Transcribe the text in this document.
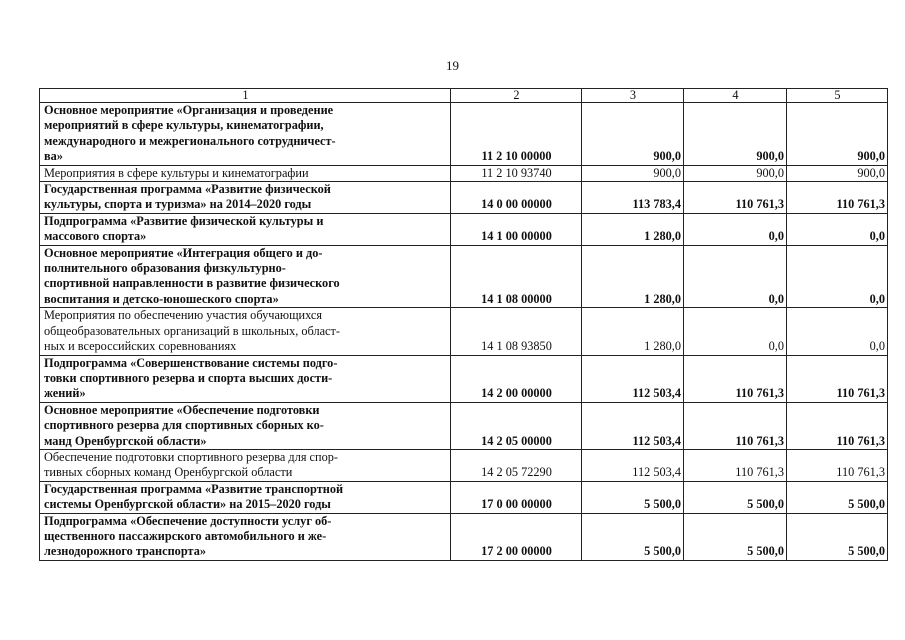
19
1	2	3	4	5
Основное мероприятие «Организация и проведение
мероприятий в сфере культуры, кинематографии,
международного и межрегионального сотрудничест-
ва»	11 2 10 00000	900,0	900,0	900,0
Мероприятия в сфере культуры и кинематографии	11 2 10 93740	900,0	900,0	900,0
Государственная программа «Развитие физической
культуры, спорта и туризма» на 2014–2020 годы	14 0 00 00000	113 783,4	110 761,3	110 761,3
Подпрограмма «Развитие физической культуры и
массового спорта»	14 1 00 00000	1 280,0	0,0	0,0
Основное мероприятие «Интеграция общего и до-
полнительного образования физкультурно-
спортивной направленности в развитие физического
воспитания и детско-юношеского спорта»	14 1 08 00000	1 280,0	0,0	0,0
Мероприятия по обеспечению участия обучающихся
общеобразовательных организаций в школьных, област-
ных и всероссийских соревнованиях	14 1 08 93850	1 280,0	0,0	0,0
Подпрограмма «Совершенствование системы подго-
товки спортивного резерва и спорта высших дости-
жений»	14 2 00 00000	112 503,4	110 761,3	110 761,3
Основное мероприятие «Обеспечение подготовки
спортивного резерва для спортивных сборных ко-
манд Оренбургской области»	14 2 05 00000	112 503,4	110 761,3	110 761,3
Обеспечение подготовки спортивного резерва для спор-
тивных сборных команд Оренбургской области	14 2 05 72290	112 503,4	110 761,3	110 761,3
Государственная программа «Развитие транспортной
системы Оренбургской области» на 2015–2020 годы	17 0 00 00000	5 500,0	5 500,0	5 500,0
Подпрограмма «Обеспечение доступности услуг об-
щественного пассажирского автомобильного и же-
лезнодорожного транспорта»	17 2 00 00000	5 500,0	5 500,0	5 500,0
